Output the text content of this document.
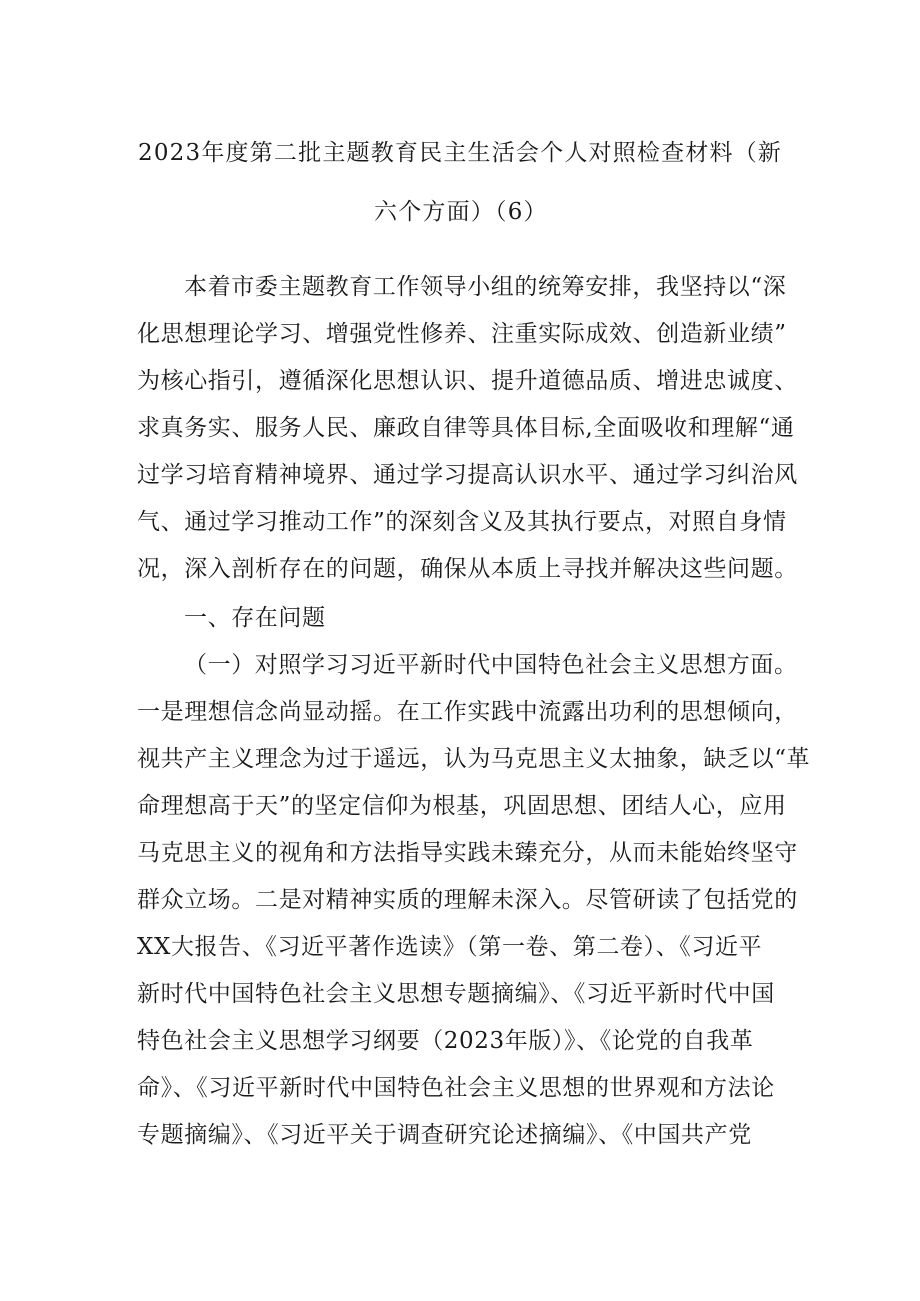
2023年度第二批主题教育民主生活会个人对照检查材料（新
六个方面）（6）
本着市委主题教育工作领导小组的统筹安排，我坚持以“深
化思想理论学习、增强党性修养、注重实际成效、创造新业绩”
为核心指引，遵循深化思想认识、提升道德品质、增进忠诚度、
求真务实、服务人民、廉政自律等具体目标,全面吸收和理解“通
过学习培育精神境界、通过学习提高认识水平、通过学习纠治风
气、通过学习推动工作”的深刻含义及其执行要点，对照自身情
况，深入剖析存在的问题，确保从本质上寻找并解决这些问题。
一、存在问题
（一）对照学习习近平新时代中国特色社会主义思想方面。
一是理想信念尚显动摇。在工作实践中流露出功利的思想倾向，
视共产主义理念为过于遥远，认为马克思主义太抽象，缺乏以“革
命理想高于天”的坚定信仰为根基，巩固思想、团结人心，应用
马克思主义的视角和方法指导实践未臻充分，从而未能始终坚守
群众立场。二是对精神实质的理解未深入。尽管研读了包括党的
XX大报告、《习近平著作选读》（第一卷、第二卷）、《习近平
新时代中国特色社会主义思想专题摘编》、《习近平新时代中国
特色社会主义思想学习纲要（2023年版）》、《论党的自我革
命》、《习近平新时代中国特色社会主义思想的世界观和方法论
专题摘编》、《习近平关于调查研究论述摘编》、《中国共产党
